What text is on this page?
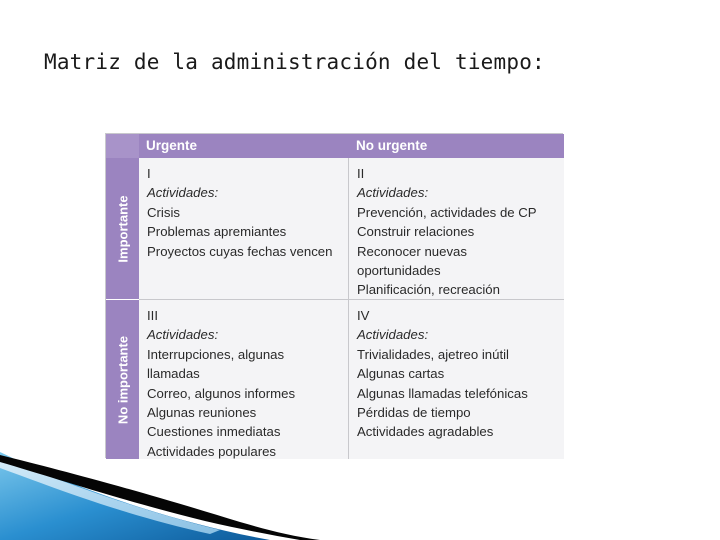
Matriz de la administración del tiempo:
Urgente	No urgente
Importante
No importante
I
Actividades:
Crisis
Problemas apremiantes
Proyectos cuyas fechas vencen
II
Actividades:
Prevención, actividades de CP
Construir relaciones
Reconocer nuevas
oportunidades
Planificación, recreación
III
Actividades:
Interrupciones, algunas
llamadas
Correo, algunos informes
Algunas reuniones
Cuestiones inmediatas
Actividades populares
IV
Actividades:
Trivialidades, ajetreo inútil
Algunas cartas
Algunas llamadas telefónicas
Pérdidas de tiempo
Actividades agradables
